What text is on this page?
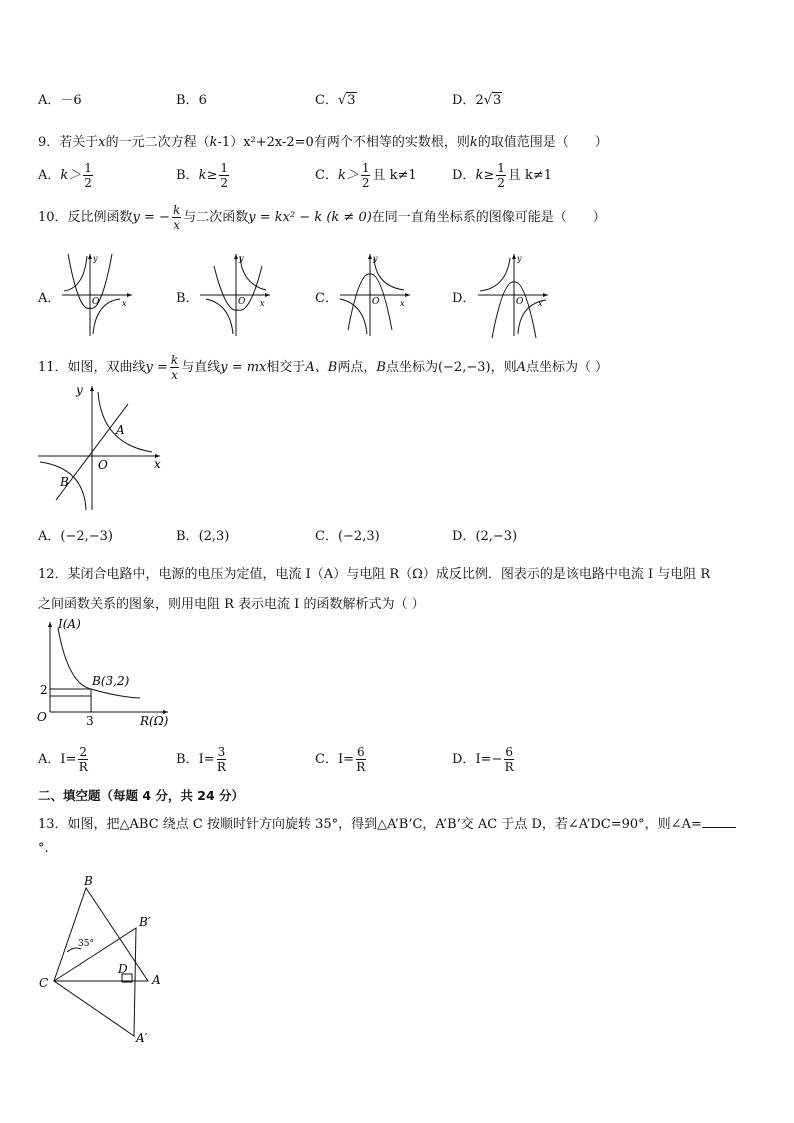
A．－6	B．6	C．√3	D．2√3
9．若关于x的一元二次方程（k-1）x²+2x-2=0有两个不相等的实数根，则k的取值范围是（　　）
A．$k> \frac{1}{2}$	B．$k\ge \frac{1}{2}$	C．$k> \frac{1}{2}$ 且 k≠1	D．$k\ge \frac{1}{2}$ 且 k≠1
10．反比例函数y = − $\frac{k}{x}$ 与二次函数y = kx² − k (k ≠ 0)在同一直角坐标系的图像可能是（　　）
A．	B．	C．	D．
O	x
y
O x
y
O	x
y
O x
y
11．如图，双曲线$y = \frac{k}{x}$ 与直线y = mx相交于A、B两点，B点坐标为(−2,−3)，则A点坐标为（ ）
y
x
O
A
B
A．(−2,−3)	B．(2,3)	C．(−2,3)	D．(2,−3)
12．某闭合电路中，电源的电压为定值，电流 I（A）与电阻 R（Ω）成反比例．图表示的是该电路中电流 I 与电阻 R
之间函数关系的图象，则用电阻 R 表示电流 I 的函数解析式为（ ）
I(A)
R(Ω)
O
B(3,2)
2
3
A．$I= \frac{2}{R}$	B．$I= \frac{3}{R}$	C．$I= \frac{6}{R}$	D．$I=- \frac{6}{R}$
二、填空题（每题 4 分，共 24 分）
13．如图，把△ABC 绕点 C 按顺时针方向旋转 35°，得到△A’B’C，A’B’交 AC 于点 D，若∠A’DC=90°，则∠A=
°.
B
B′
C
D
A
A′
35°
